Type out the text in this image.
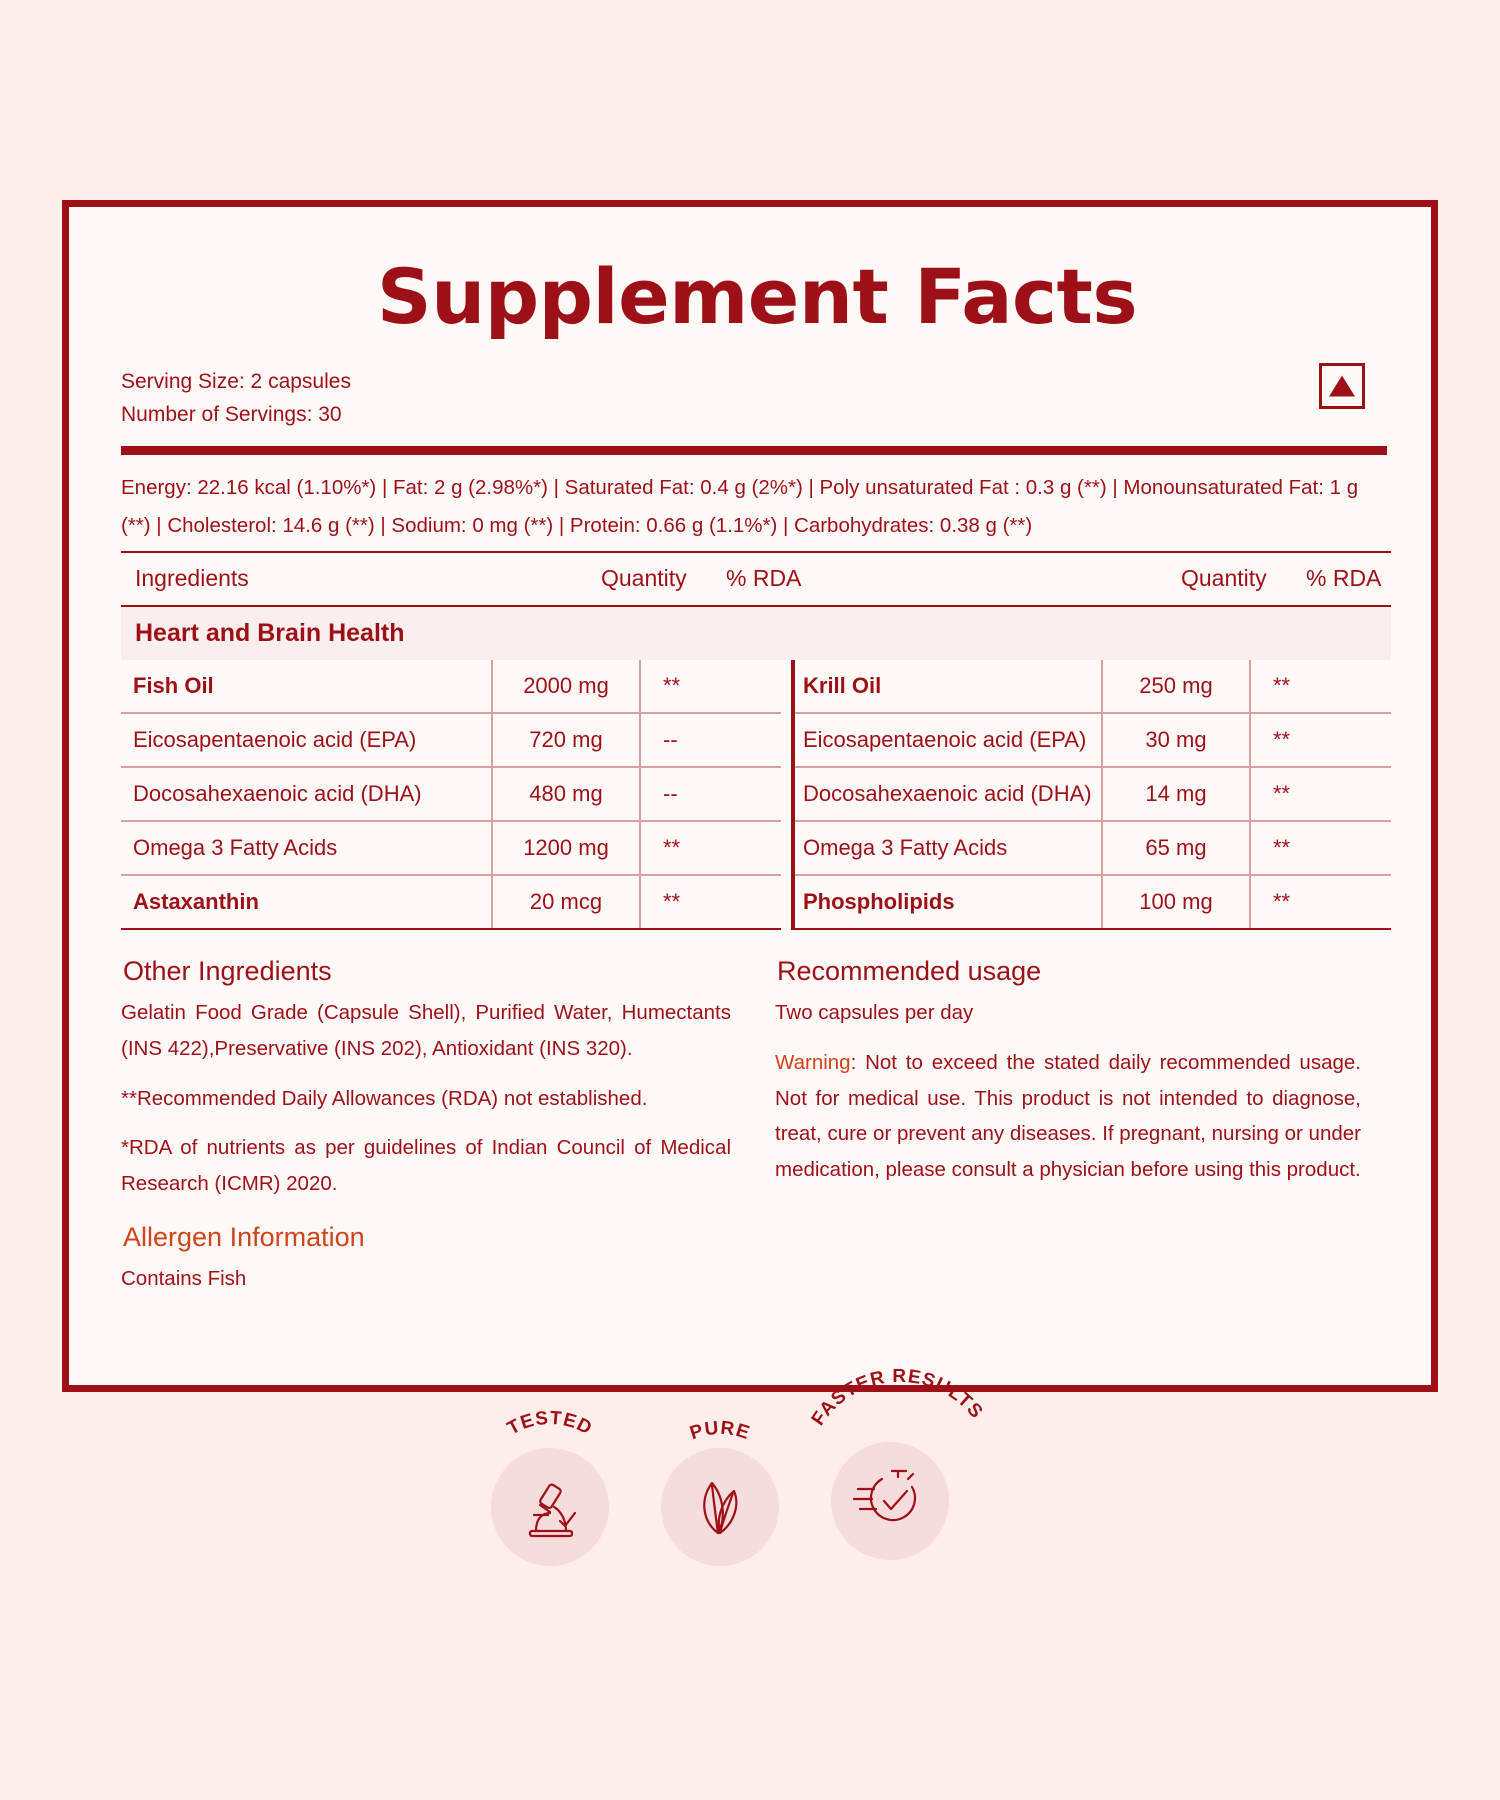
Supplement Facts
Serving Size: 2 capsules
Number of Servings: 30
Energy: 22.16 kcal (1.10%*) | Fat: 2 g (2.98%*) | Saturated Fat: 0.4 g (2%*) | Poly unsaturated Fat : 0.3 g (**) | Monounsaturated Fat: 1 g (**) | Cholesterol: 14.6 g (**) | Sodium: 0 mg (**) | Protein: 0.66 g (1.1%*) | Carbohydrates: 0.38 g (**)
Ingredients	Quantity % RDA	Quantity % RDA
Heart and Brain Health
Fish Oil	2000 mg	**
Eicosapentaenoic acid (EPA)	720 mg	--
Docosahexaenoic acid (DHA)	480 mg	--
Omega 3 Fatty Acids	1200 mg	**
Astaxanthin	20 mcg	**
Krill Oil	250 mg	**
Eicosapentaenoic acid (EPA)	30 mg	**
Docosahexaenoic acid (DHA)	14 mg	**
Omega 3 Fatty Acids	65 mg	**
Phospholipids	100 mg	**
Other Ingredients

Gelatin Food Grade (Capsule Shell), Purified Water, Humectants (INS 422),Preservative (INS 202), Antioxidant (INS 320).

**Recommended Daily Allowances (RDA) not established.

*RDA of nutrients as per guidelines of Indian Council of Medical Research (ICMR) 2020.

Allergen Information

Contains Fish

Recommended usage

Two capsules per day

Warning: Not to exceed the stated daily recommended usage. Not for medical use. This product is not intended to diagnose, treat, cure or prevent any diseases. If pregnant, nursing or under medication, please consult a physician before using this product.

TESTED	PURE
FASTER RESULTS
